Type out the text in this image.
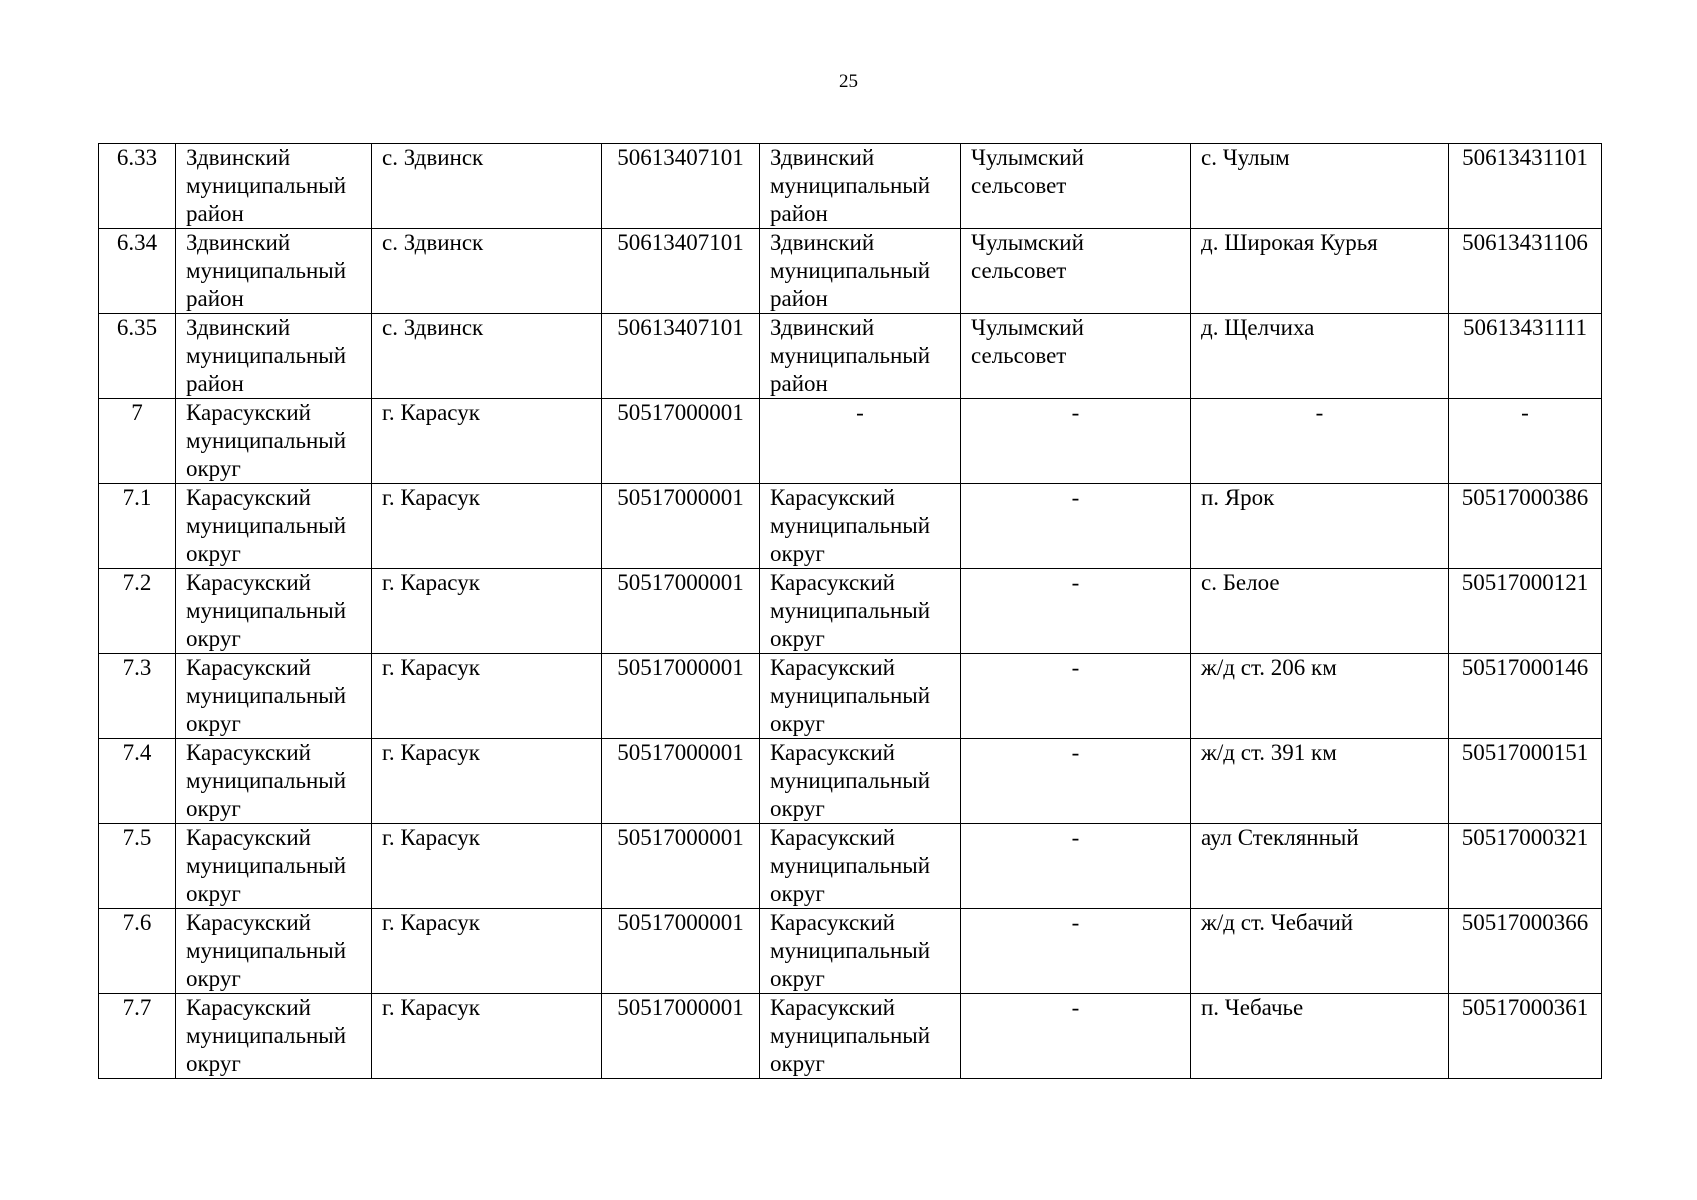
25
6.33	Здвинский
муниципальный
район	с. Здвинск	50613407101	Здвинский
муниципальный
район	Чулымский
сельсовет	с. Чулым	50613431101
6.34	Здвинский
муниципальный
район	с. Здвинск	50613407101	Здвинский
муниципальный
район	Чулымский
сельсовет	д. Широкая Курья	50613431106
6.35	Здвинский
муниципальный
район	с. Здвинск	50613407101	Здвинский
муниципальный
район	Чулымский
сельсовет	д. Щелчиха	50613431111
7	Карасукский
муниципальный
округ	г. Карасук	50517000001	-	-	-	-
7.1	Карасукский
муниципальный
округ	г. Карасук	50517000001	Карасукский
муниципальный
округ	-	п. Ярок	50517000386
7.2	Карасукский
муниципальный
округ	г. Карасук	50517000001	Карасукский
муниципальный
округ	-	с. Белое	50517000121
7.3	Карасукский
муниципальный
округ	г. Карасук	50517000001	Карасукский
муниципальный
округ	-	ж/д ст. 206 км	50517000146
7.4	Карасукский
муниципальный
округ	г. Карасук	50517000001	Карасукский
муниципальный
округ	-	ж/д ст. 391 км	50517000151
7.5	Карасукский
муниципальный
округ	г. Карасук	50517000001	Карасукский
муниципальный
округ	-	аул Стеклянный	50517000321
7.6	Карасукский
муниципальный
округ	г. Карасук	50517000001	Карасукский
муниципальный
округ	-	ж/д ст. Чебачий	50517000366
7.7	Карасукский
муниципальный
округ	г. Карасук	50517000001	Карасукский
муниципальный
округ	-	п. Чебачье	50517000361
